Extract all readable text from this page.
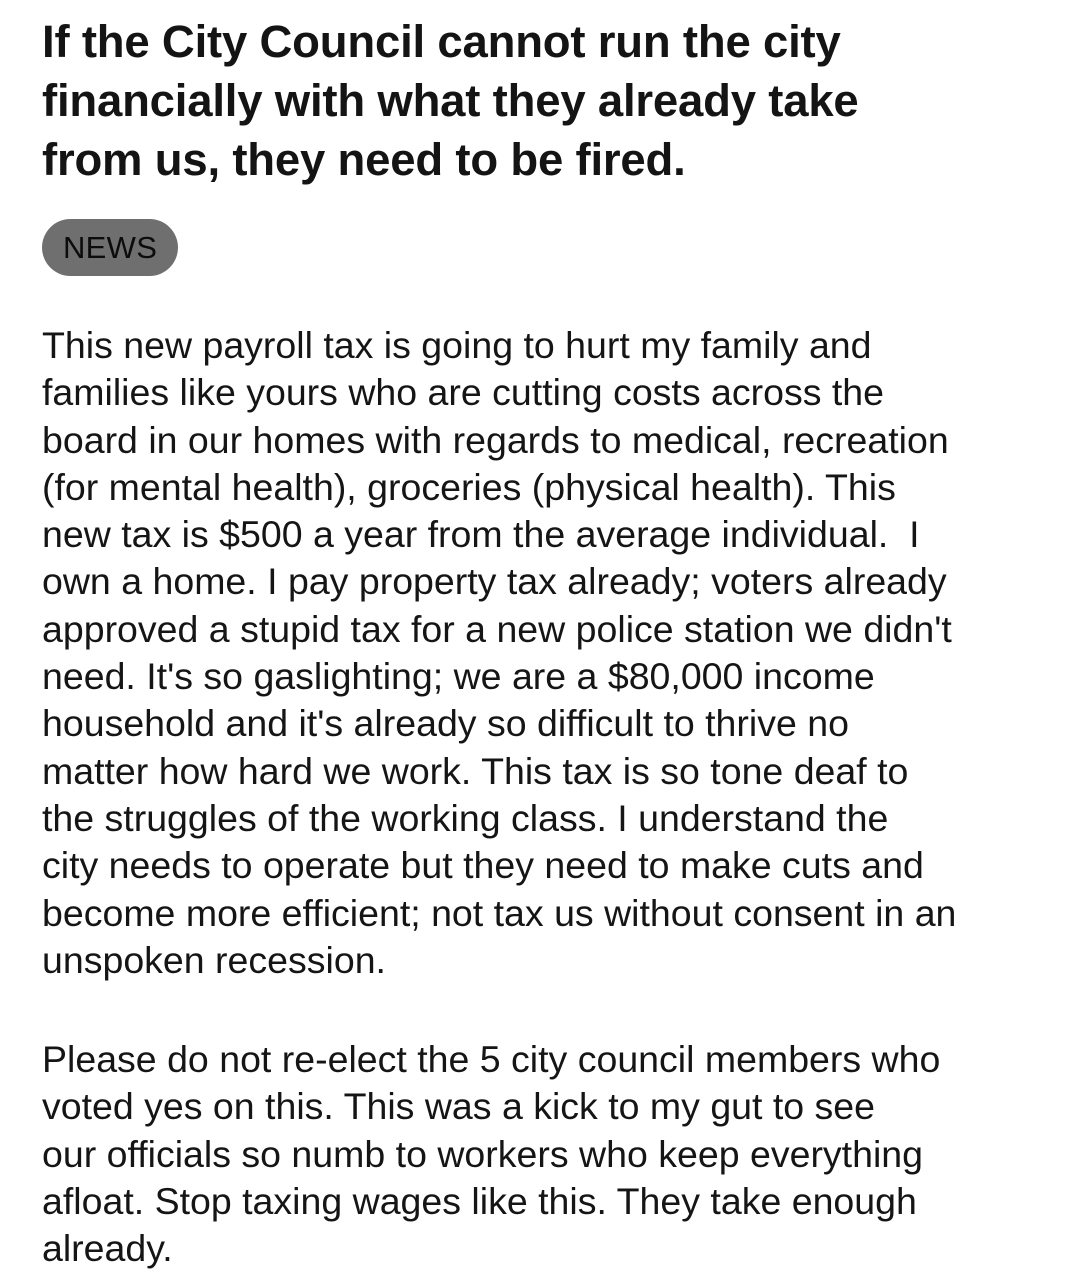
If the City Council cannot run the city
financially with what they already take
from us, they need to be fired.
NEWS

This new payroll tax is going to hurt my family and
families like yours who are cutting costs across the
board in our homes with regards to medical, recreation
(for mental health), groceries (physical health). This
new tax is $500 a year from the average individual.  I
own a home. I pay property tax already; voters already
approved a stupid tax for a new police station we didn't
need. It's so gaslighting; we are a $80,000 income
household and it's already so difficult to thrive no
matter how hard we work. This tax is so tone deaf to
the struggles of the working class. I understand the
city needs to operate but they need to make cuts and
become more efficient; not tax us without consent in an
unspoken recession.

Please do not re-elect the 5 city council members who
voted yes on this. This was a kick to my gut to see
our officials so numb to workers who keep everything
afloat. Stop taxing wages like this. They take enough
already.
